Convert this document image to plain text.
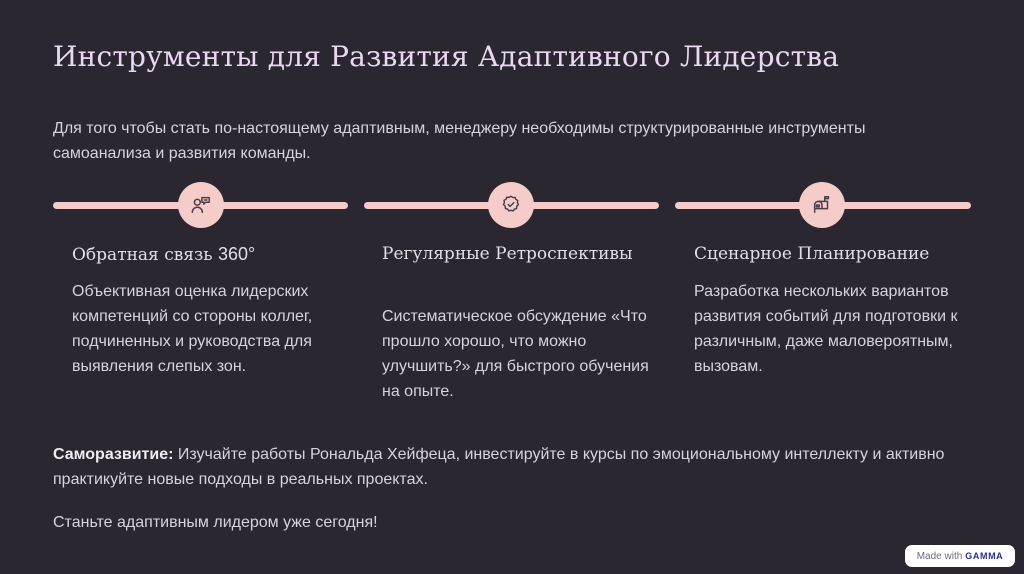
Инструменты для Развития Адаптивного Лидерства

Для того чтобы стать по-настоящему адаптивным, менеджеру необходимы структурированные инструменты самоанализа и развития команды.

Обратная связь 360°	Регулярные Ретроспективы	Сценарное Планирование

Объективная оценка лидерских компетенций со стороны коллег, подчиненных и руководства для выявления слепых зон.

Систематическое обсуждение «Что прошло хорошо, что можно улучшить?» для быстрого обучения на опыте.

Разработка нескольких вариантов развития событий для подготовки к различным, даже маловероятным, вызовам.

Саморазвитие: Изучайте работы Рональда Хейфеца, инвестируйте в курсы по эмоциональному интеллекту и активно практикуйте новые подходы в реальных проектах.

Станьте адаптивным лидером уже сегодня!

Made with GAMMA
